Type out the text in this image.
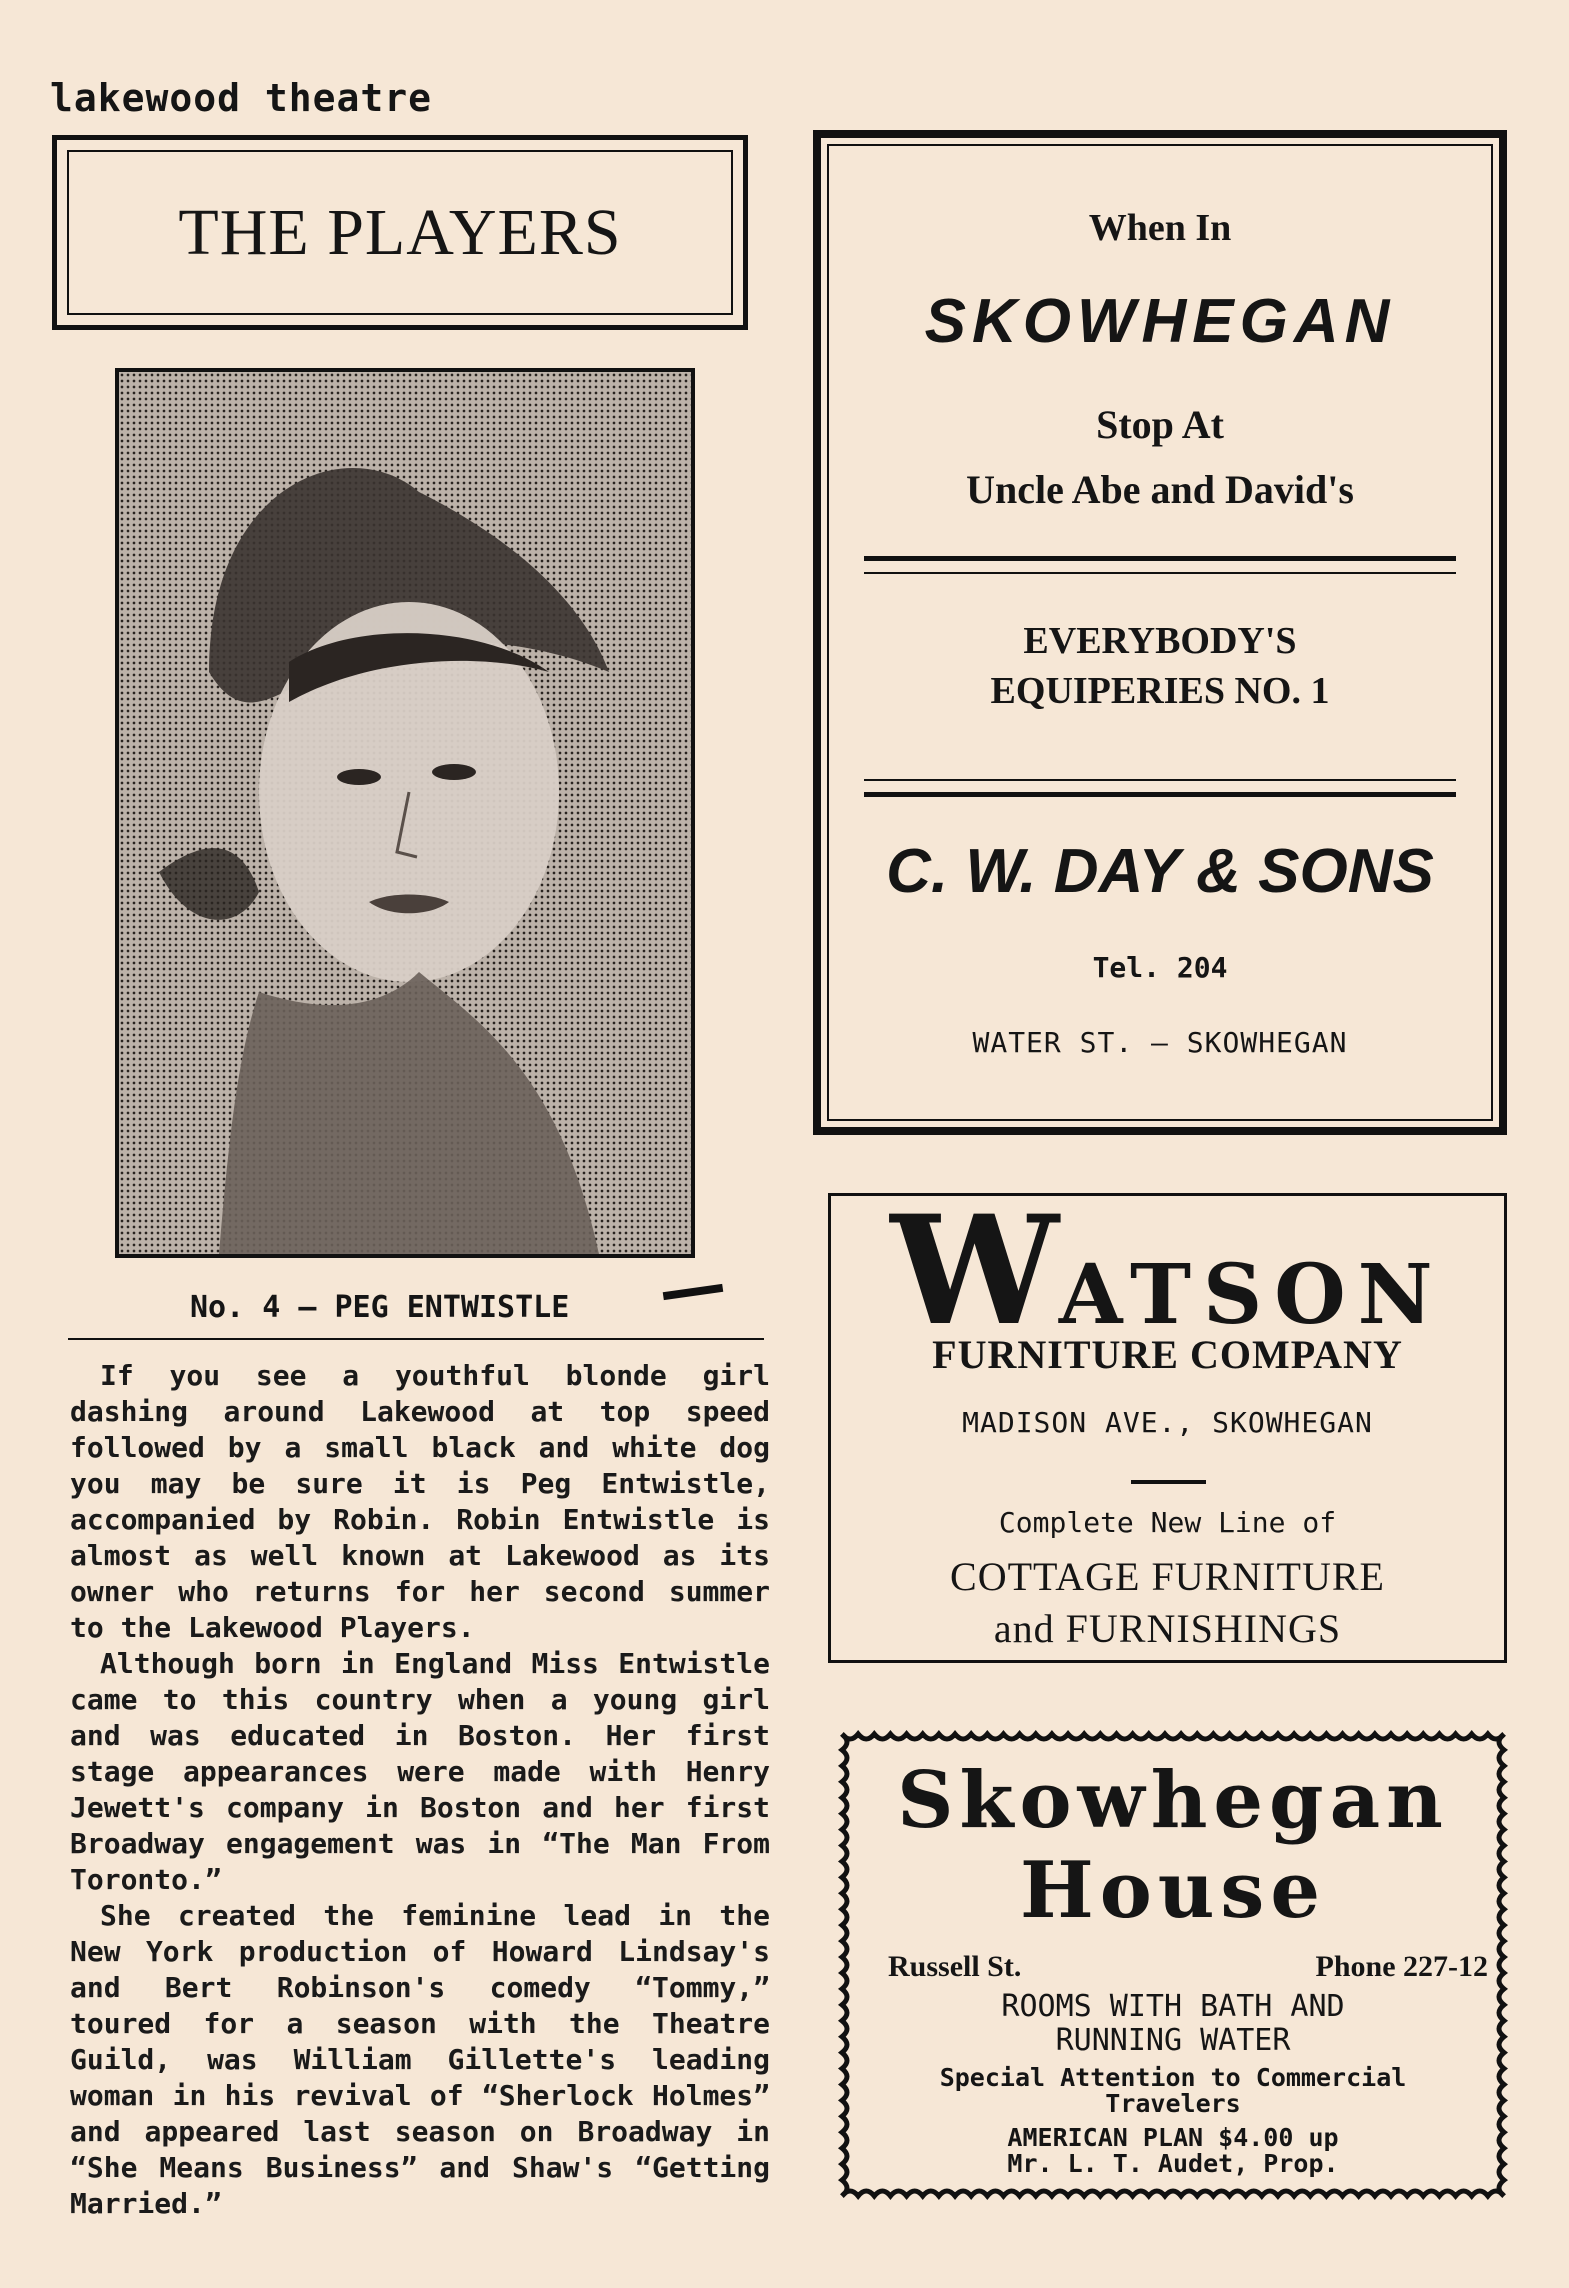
lakewood theatre
THE PLAYERS
No. 4 — PEG ENTWISTLE

If you see a youthful blonde girl dashing around Lakewood at top speed followed by a small black and white dog you may be sure it is Peg Entwistle, accompanied by Robin. Robin Entwistle is almost as well known at Lakewood as its owner who returns for her second summer to the Lakewood Players.

Although born in England Miss Entwistle came to this country when a young girl and was educated in Boston. Her first stage appearances were made with Henry Jewett's company in Boston and her first Broadway engagement was in “The Man From Toronto.”

She created the feminine lead in the New York production of Howard Lindsay's and Bert Robinson's comedy “Tommy,” toured for a season with the Theatre Guild, was William Gillette's leading woman in his revival of “Sherlock Holmes” and appeared last season on Broadway in “She Means Business” and Shaw's “Getting Married.”

When In
SKOWHEGAN
Stop At
Uncle Abe and David's
EVERYBODY'S
EQUIPERIES NO. 1
C. W. DAY & SONS
Tel. 204
WATER ST. — SKOWHEGAN
WATSON
FURNITURE COMPANY
MADISON AVE., SKOWHEGAN
Complete New Line of
COTTAGE FURNITURE
and FURNISHINGS
Skowhegan
House
Russell St.	Phone 227-12
ROOMS WITH BATH AND
RUNNING WATER
Special Attention to Commercial
Travelers
AMERICAN PLAN $4.00 up
Mr. L. T. Audet, Prop.
